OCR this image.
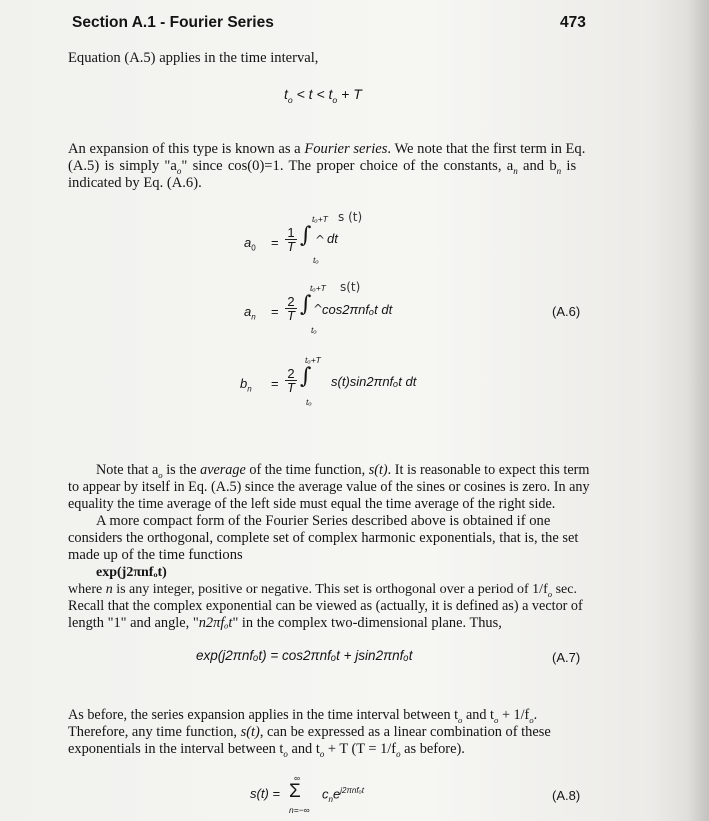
Section A.1 - Fourier Series	473
Equation (A.5) applies in the time interval,
$t_o < t < t_o + T$
An expansion of this type is known as a Fourier series. We note that the first term in Eq.
(A.5) is simply "$a_o$" since cos(0)=1. The proper choice of the constants, $a_n$ and $b_n$ is
indicated by Eq. (A.6).
$a_0 = \frac{1}{T}$
tₒ+T
∫ ^ dt
tₒ
s (t)
$a_n = \frac{2}{T}$
tₒ+T
∫ ^
cos2πnfₒt dt
tₒ
s(t)
(A.6)
$b_n = \frac{2}{T}$
tₒ+T
∫ s(t)sin2πnfₒt dt
tₒ
Note that $a_o$ is the average of the time function, s(t). It is reasonable to expect this term
to appear by itself in Eq. (A.5) since the average value of the sines or cosines is zero. In any
equality the time average of the left side must equal the time average of the right side.
A more compact form of the Fourier Series described above is obtained if one
considers the orthogonal, complete set of complex harmonic exponentials, that is, the set
made up of the time functions
exp(j2πnfₒt)
where n is any integer, positive or negative. This set is orthogonal over a period of $1/f_o$ sec.
Recall that the complex exponential can be viewed as (actually, it is defined as) a vector of
length "1" and angle, "n2πfₒt" in the complex two-dimensional plane. Thus,
exp(j2πnfₒt) = cos2πnfₒt + jsin2πnfₒt	(A.7)
As before, the series expansion applies in the time interval between $t_o$ and $t_o + 1/f_o$.
Therefore, any time function, s(t), can be expressed as a linear combination of these
exponentials in the interval between $t_o$ and $t_o + T$ ($T = 1/f_o$ as before).
s(t) =
∞
Σ
n=−∞
$c_ne^{j2\pi nf_ot}$	(A.8)
